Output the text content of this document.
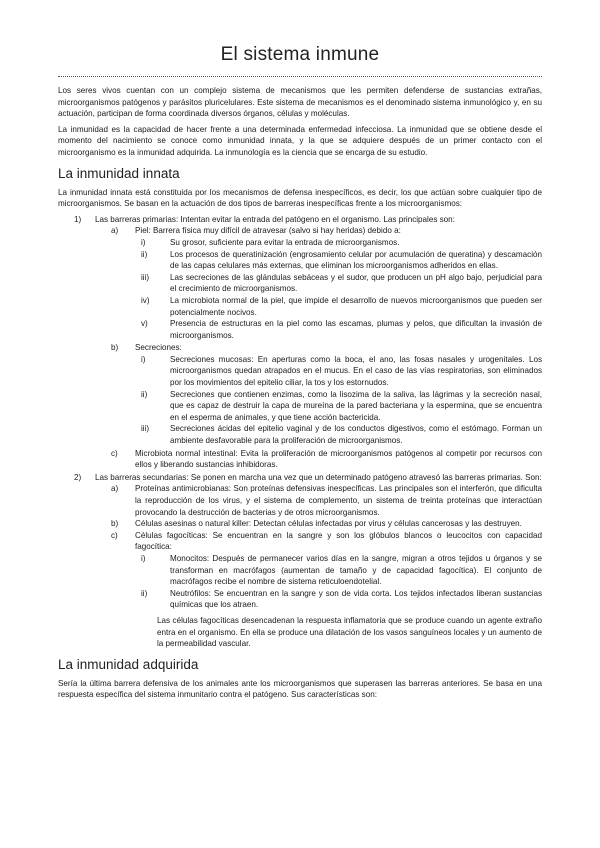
El sistema inmune

Los seres vivos cuentan con un complejo sistema de mecanismos que les permiten defenderse de sustancias extrañas, microorganismos patógenos y parásitos pluricelulares. Este sistema de mecanismos es el denominado sistema inmunológico y, en su actuación, participan de forma coordinada diversos órganos, células y moléculas.

La inmunidad es la capacidad de hacer frente a una determinada enfermedad infecciosa. La inmunidad que se obtiene desde el momento del nacimiento se conoce como inmunidad innata, y la que se adquiere después de un primer contacto con el microorganismo es la inmunidad adquirida. La inmunología es la ciencia que se encarga de su estudio.

La inmunidad innata

La inmunidad innata está constituida por los mecanismos de defensa inespecíficos, es decir, los que actúan sobre cualquier tipo de microorganismos. Se basan en la actuación de dos tipos de barreras inespecíficas frente a los microorganismos:

1)	Las barreras primarias: Intentan evitar la entrada del patógeno en el organismo. Las principales son:
a)	Piel: Barrera física muy difícil de atravesar (salvo si hay heridas) debido a:
i)	Su grosor, suficiente para evitar la entrada de microorganismos.
ii)	Los procesos de queratinización (engrosamiento celular por acumulación de queratina) y descamación de las capas celulares más externas, que eliminan los microorganismos adheridos en ellas.
iii)	Las secreciones de las glándulas sebáceas y el sudor, que producen un pH algo bajo, perjudicial para el crecimiento de microorganismos.
iv)	La microbiota normal de la piel, que impide el desarrollo de nuevos microorganismos que pueden ser potencialmente nocivos.
v)	Presencia de estructuras en la piel como las escamas, plumas y pelos, que dificultan la invasión de microorganismos.
b)	Secreciones:
i)	Secreciones mucosas: En aperturas como la boca, el ano, las fosas nasales y urogenitales. Los microorganismos quedan atrapados en el mucus. En el caso de las vías respiratorias, son eliminados por los movimientos del epitelio ciliar, la tos y los estornudos.
ii)	Secreciones que contienen enzimas, como la lisozima de la saliva, las lágrimas y la secreción nasal, que es capaz de destruir la capa de mureína de la pared bacteriana y la espermina, que se encuentra en el esperma de animales, y que tiene acción bactericida.
iii)	Secreciones ácidas del epitelio vaginal y de los conductos digestivos, como el estómago. Forman un ambiente desfavorable para la proliferación de microorganismos.
c)	Microbiota normal intestinal: Evita la proliferación de microorganismos patógenos al competir por recursos con ellos y liberando sustancias inhibidoras.
2)	Las barreras secundarias: Se ponen en marcha una vez que un determinado patógeno atravesó las barreras primarias. Son:
a)	Proteínas antimicrobianas: Son proteínas defensivas inespecíficas. Las principales son el interferón, que dificulta la reproducción de los virus, y el sistema de complemento, un sistema de treinta proteínas que interactúan provocando la destrucción de bacterias y de otros microorganismos.
b)	Células asesinas o natural killer: Detectan células infectadas por virus y células cancerosas y las destruyen.
c)	Células fagocíticas: Se encuentran en la sangre y son los glóbulos blancos o leucocitos con capacidad fagocítica:
i)	Monocitos: Después de permanecer varios días en la sangre, migran a otros tejidos u órganos y se transforman en macrófagos (aumentan de tamaño y de capacidad fagocítica). El conjunto de macrófagos recibe el nombre de sistema reticuloendotelial.
ii)	Neutrófilos: Se encuentran en la sangre y son de vida corta. Los tejidos infectados liberan sustancias químicas que los atraen.

Las células fagocíticas desencadenan la respuesta inflamatoria que se produce cuando un agente extraño entra en el organismo. En ella se produce una dilatación de los vasos sanguíneos locales y un aumento de la permeabilidad vascular.

La inmunidad adquirida

Sería la última barrera defensiva de los animales ante los microorganismos que superasen las barreras anteriores. Se basa en una respuesta específica del sistema inmunitario contra el patógeno. Sus características son:
